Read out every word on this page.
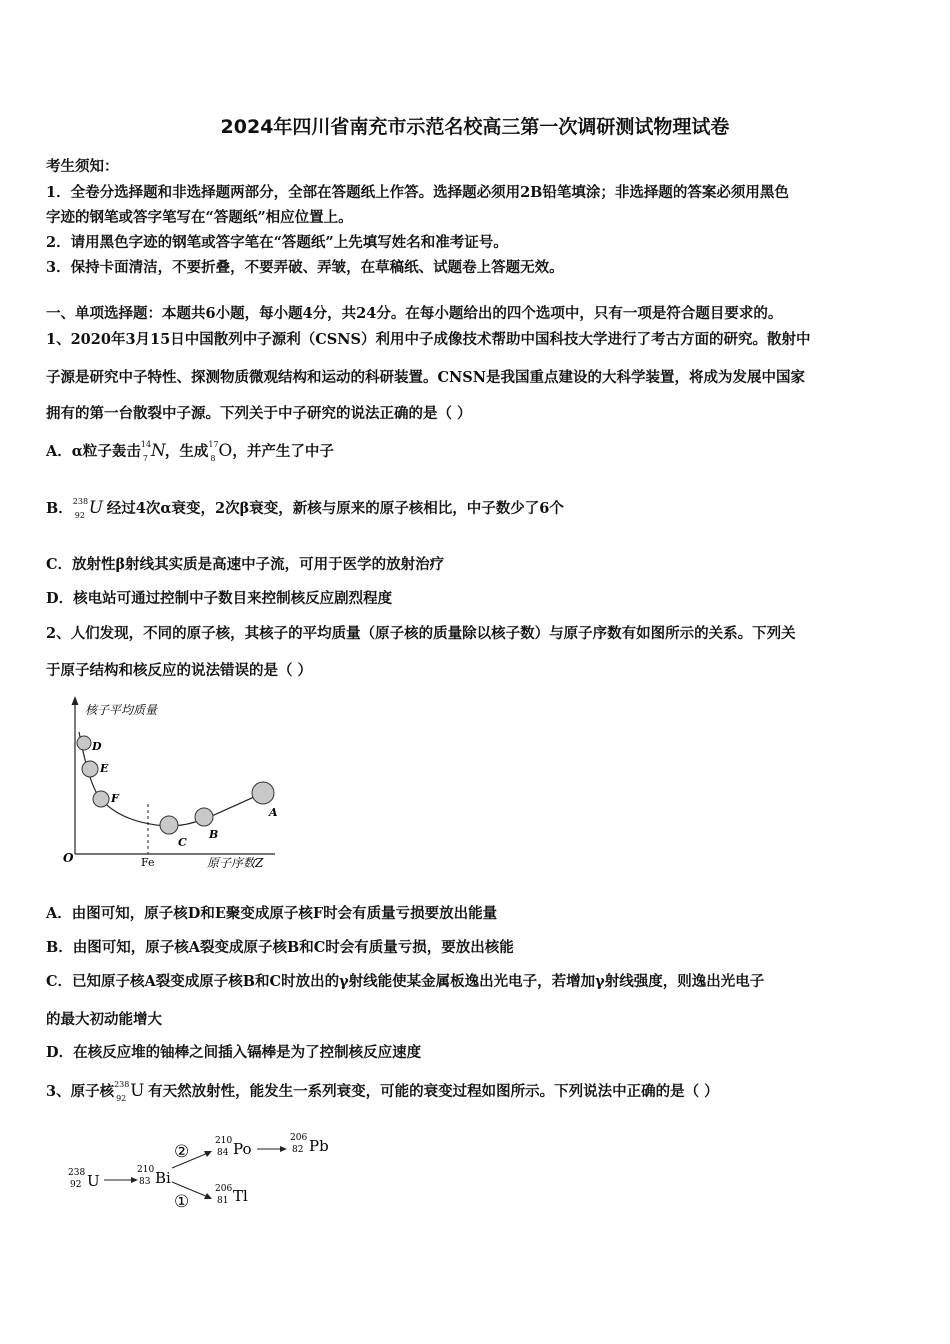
2024年四川省南充市示范名校高三第一次调研测试物理试卷
考生须知：
1．全卷分选择题和非选择题两部分，全部在答题纸上作答。选择题必须用2B铅笔填涂；非选择题的答案必须用黑色
字迹的钢笔或答字笔写在“答题纸”相应位置上。
2．请用黑色字迹的钢笔或答字笔在“答题纸”上先填写姓名和准考证号。
3．保持卡面清洁，不要折叠，不要弄破、弄皱，在草稿纸、试题卷上答题无效。
一、单项选择题：本题共6小题，每小题4分，共24分。在每小题给出的四个选项中，只有一项是符合题目要求的。
1、2020年3月15日中国散列中子源利（CSNS）利用中子成像技术帮助中国科技大学进行了考古方面的研究。散射中
子源是研究中子特性、探测物质微观结构和运动的科研装置。CNSN是我国重点建设的大科学装置，将成为发展中国家
拥有的第一台散裂中子源。下列关于中子研究的说法正确的是（ ）
A．α粒子轰击 14
7 N ，生成 17
8 O ，并产生了中子
B． 238
92 U 经过4次α衰变，2次β衰变，新核与原来的原子核相比，中子数少了6个
C．放射性β射线其实质是高速中子流，可用于医学的放射治疗
D．核电站可通过控制中子数目来控制核反应剧烈程度
2、人们发现，不同的原子核，其核子的平均质量（原子核的质量除以核子数）与原子序数有如图所示的关系。下列关
于原子结构和核反应的说法错误的是（ ）
核子平均质量
原子序数Z
O	Fe
D
E
F
C
B
A
A．由图可知，原子核D和E聚变成原子核F时会有质量亏损要放出能量
B．由图可知，原子核A裂变成原子核B和C时会有质量亏损，要放出核能
C．已知原子核A裂变成原子核B和C时放出的γ射线能使某金属板逸出光电子，若增加γ射线强度，则逸出光电子
的最大初动能增大
D．在核反应堆的铀棒之间插入镉棒是为了控制核反应速度
3、原子核 238
92 U 有天然放射性，能发生一系列衰变，可能的衰变过程如图所示。下列说法中正确的是（ ）
238
92 U
210
83 Bi
②
①
210
84 Po
206
82 Pb
206
81 Tl
